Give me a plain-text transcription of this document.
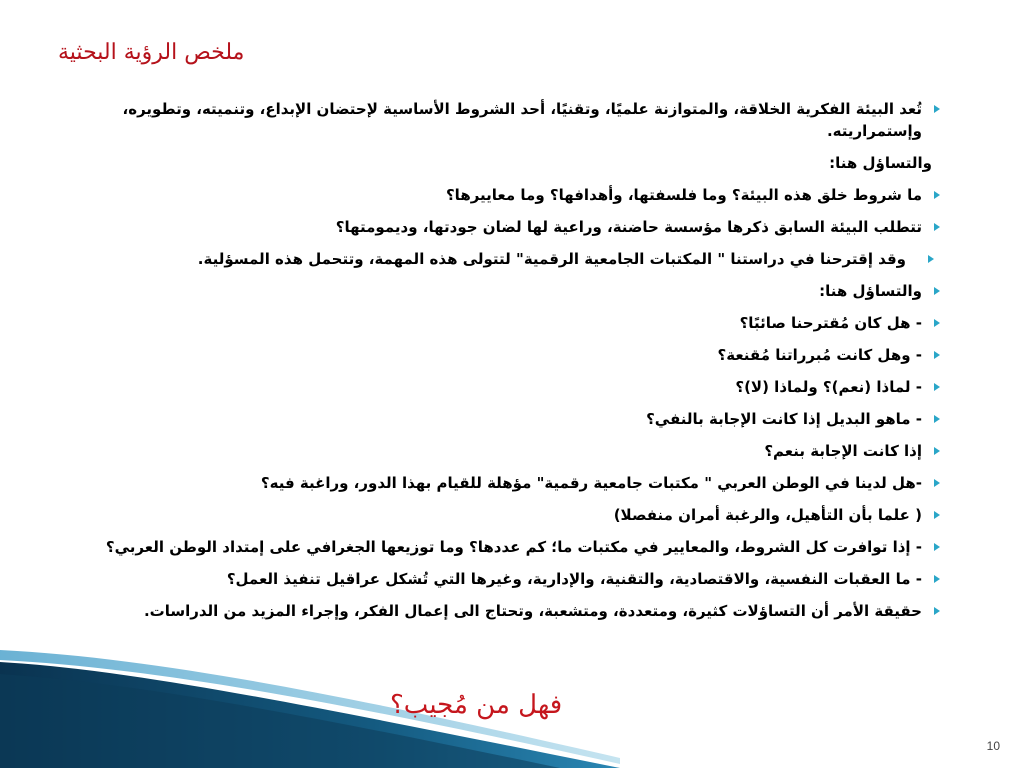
ملخص الرؤية البحثية
تُعد البيئة الفكرية الخلاقة، والمتوازنة علميًا، وتقنيًا، أحد الشروط الأساسية لإحتضان الإبداع، وتنميته، وتطويره، وإستمراريته.
والتساؤل هنا:
ما شروط خلق هذه البيئة؟ وما فلسفتها، وأهدافها؟ وما معاييرها؟
تتطلب البيئة السابق ذكرها مؤسسة حاضنة، وراعية لها لضان جودتها، وديمومتها؟
وقد إقترحنا في دراستنا " المكتبات الجامعية الرقمية" لتتولى هذه المهمة، وتتحمل هذه المسؤلية.
والتساؤل هنا:
- هل كان مُقترحنا صائبًا؟
- وهل كانت مُبرراتنا مُقنعة؟
- لماذا (نعم)؟ ولماذا (لا)؟
- ماهو البديل إذا كانت الإجابة بالنفي؟
إذا كانت الإجابة بنعم؟
-هل لدينا في الوطن العربي " مكتبات جامعية رقمية" مؤهلة للقيام بهذا الدور، وراغبة فيه؟
( علما بأن التأهيل، والرغبة أمران منفصلا)
- إذا توافرت كل الشروط، والمعايير في مكتبات ما؛ كم عددها؟ وما توزيعها الجغرافي على إمتداد الوطن العربي؟
- ما العقبات النفسية، والاقتصادية، والتقنية، والإدارية، وغيرها التي تُشكل عراقيل تنفيذ العمل؟
حقيقة الأمر أن التساؤلات كثيرة، ومتعددة، ومتشعبة، وتحتاج الى إعمال الفكر، وإجراء المزيد من الدراسات.
فهل من مُجيب؟
10
